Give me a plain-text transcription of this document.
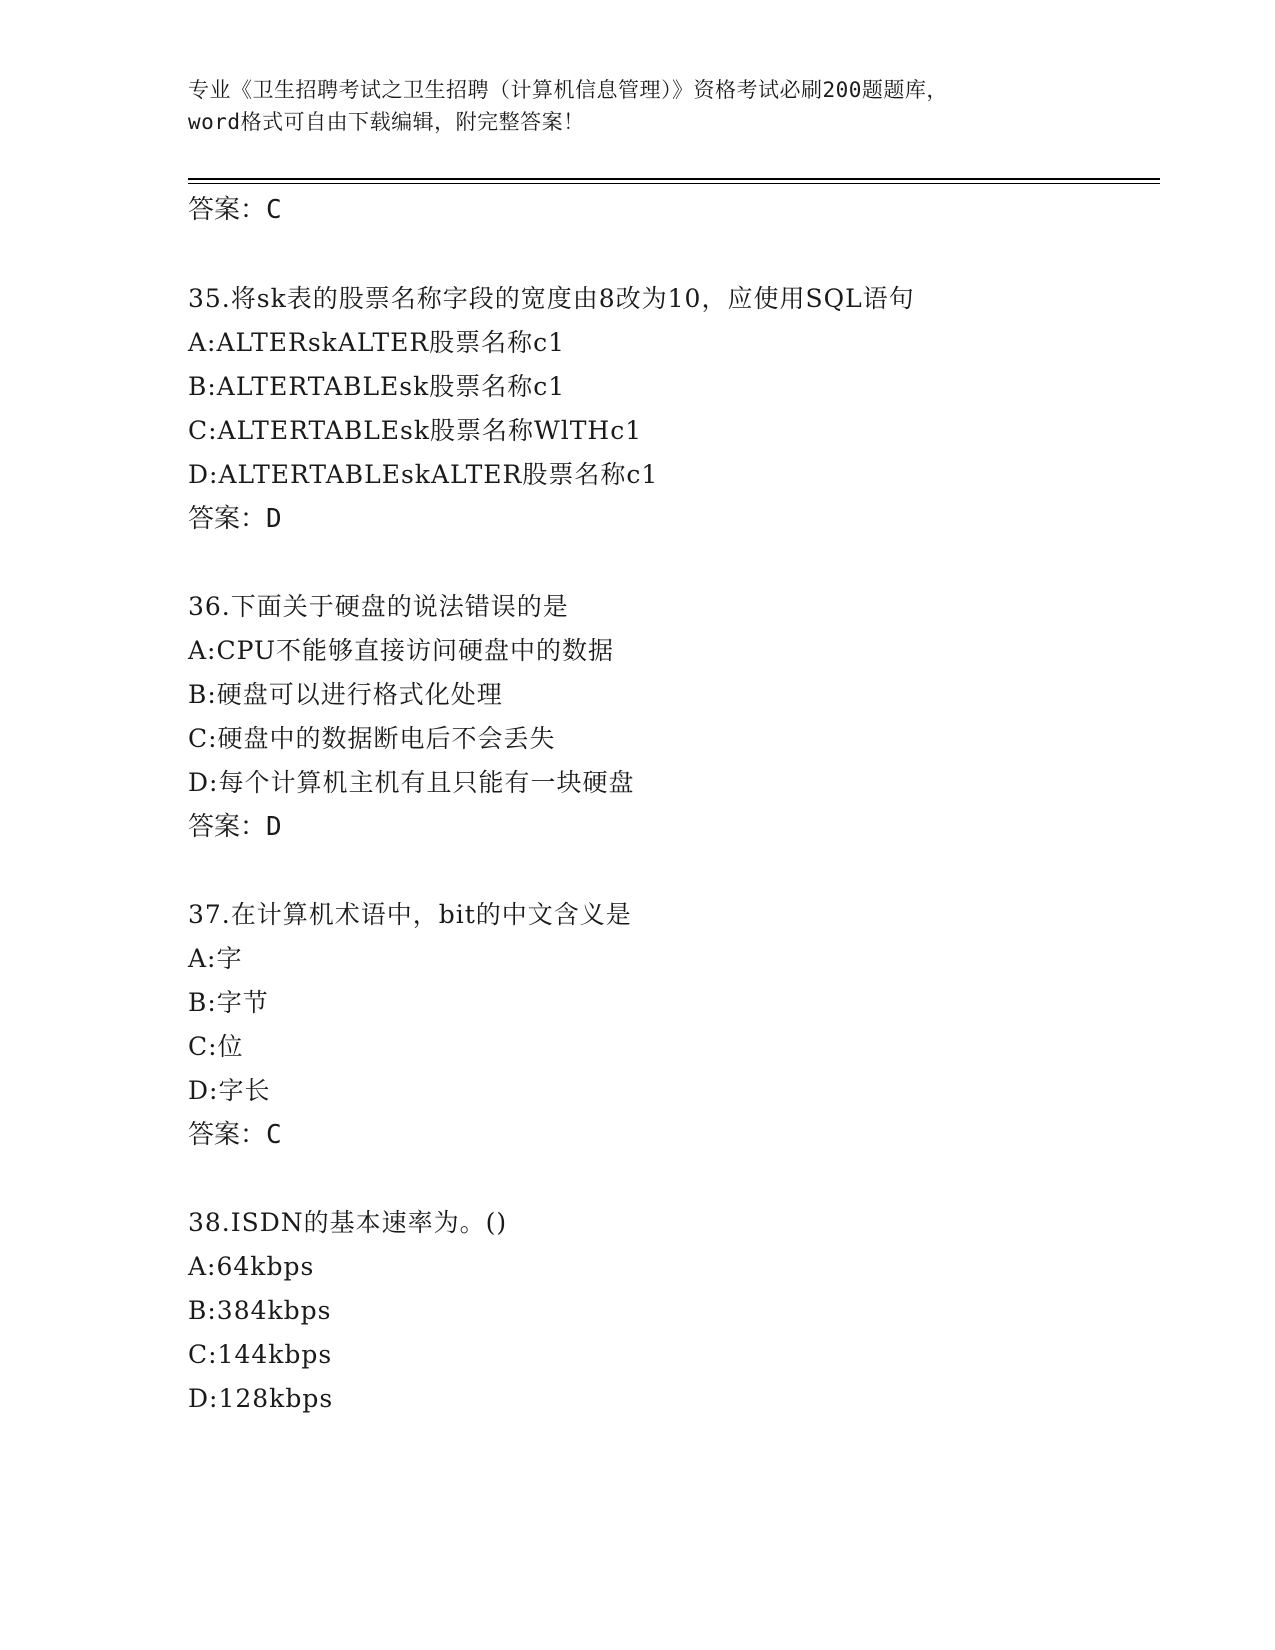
专业《卫生招聘考试之卫生招聘（计算机信息管理）》资格考试必刷200题题库，
word格式可自由下载编辑，附完整答案！
答案：C
35.将sk表的股票名称字段的宽度由8改为10，应使用SQL语句
A:ALTERskALTER股票名称c1
B:ALTERTABLEsk股票名称c1
C:ALTERTABLEsk股票名称WlTHc1
D:ALTERTABLEskALTER股票名称c1
答案：D
36.下面关于硬盘的说法错误的是
A:CPU不能够直接访问硬盘中的数据
B:硬盘可以进行格式化处理
C:硬盘中的数据断电后不会丢失
D:每个计算机主机有且只能有一块硬盘
答案：D
37.在计算机术语中，bit的中文含义是
A:字
B:字节
C:位
D:字长
答案：C
38.ISDN的基本速率为。()
A:64kbps
B:384kbps
C:144kbps
D:128kbps
